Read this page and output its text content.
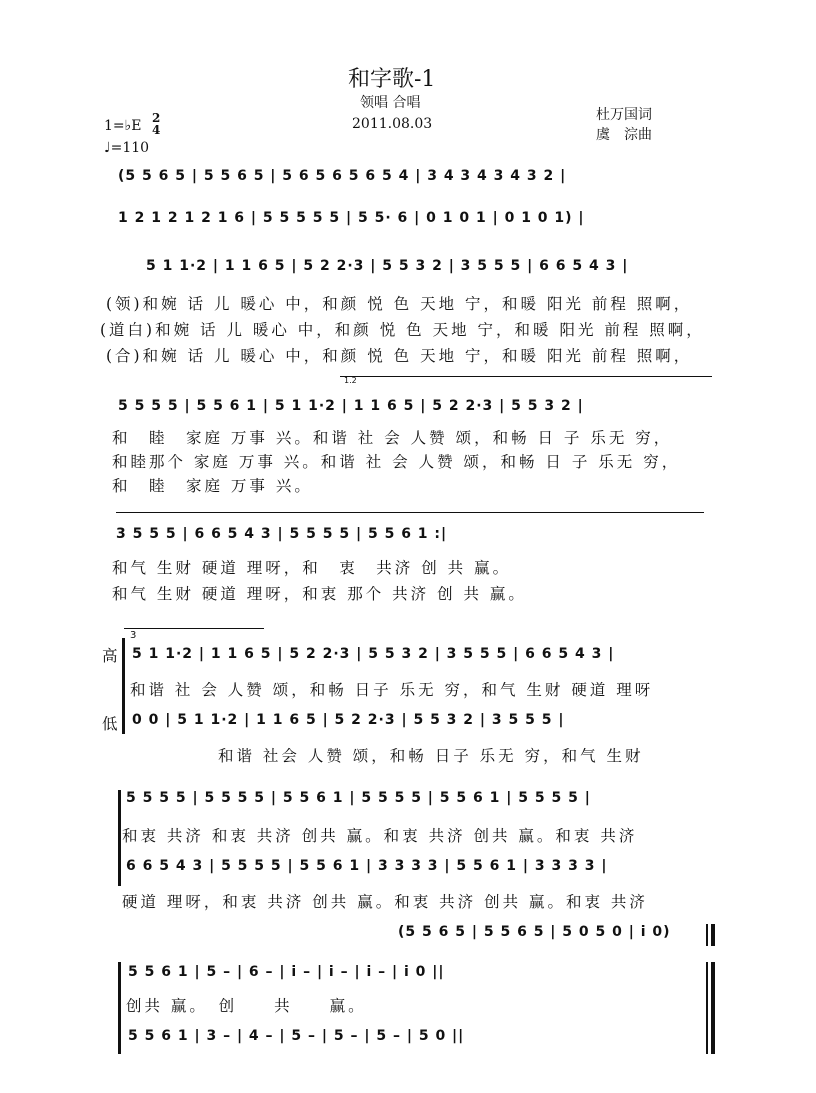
和字歌-1
领唱 合唱
2011.08.03
杜万国词
虞　淙曲
1=♭E 2
4
♩=110
(5 5 6 5 | 5 5 6 5 | 5 6 5 6 5 6 5 4 | 3 4 3 4 3 4 3 2 |
1 2 1 2 1 2 1 6 | 5 5 5 5 5 | 5 5· 6 | 0 1 0 1 | 0 1 0 1) |
5 1 1·2 | 1 1 6 5 | 5 2 2·3 | 5 5 3 2 | 3 5 5 5 | 6 6 5 4 3 |
(领)和婉 话 儿 暖心 中，和颜 悦 色 天地 宁，和暖 阳光 前程 照啊，
(道白)和婉 话 儿 暖心 中，和颜 悦 色 天地 宁，和暖 阳光 前程 照啊，
(合)和婉 话 儿 暖心 中，和颜 悦 色 天地 宁，和暖 阳光 前程 照啊，
1.2
5 5 5 5 | 5 5 6 1 | 5 1 1·2 | 1 1 6 5 | 5 2 2·3 | 5 5 3 2 |
和　睦　家庭 万事 兴。和谐 社 会 人赞 颂，和畅 日 子 乐无 穷，
和睦那个 家庭 万事 兴。和谐 社 会 人赞 颂，和畅 日 子 乐无 穷，
和　睦　家庭 万事 兴。
3 5 5 5 | 6 6 5 4 3 | 5 5 5 5 | 5 5 6 1 :|
和气 生财 硬道 理呀，和　衷　共济 创 共 赢。
和气 生财 硬道 理呀，和衷 那个 共济 创 共 赢。
3
高
低
5 1 1·2 | 1 1 6 5 | 5 2 2·3 | 5 5 3 2 | 3 5 5 5 | 6 6 5 4 3 |
和谐 社 会 人赞 颂，和畅 日子 乐无 穷，和气 生财 硬道 理呀
0 0 | 5 1 1·2 | 1 1 6 5 | 5 2 2·3 | 5 5 3 2 | 3 5 5 5 |
和谐 社会 人赞 颂，和畅 日子 乐无 穷，和气 生财
5 5 5 5 | 5 5 5 5 | 5 5 6 1 | 5 5 5 5 | 5 5 6 1 | 5 5 5 5 |
和衷 共济 和衷 共济 创共 赢。和衷 共济 创共 赢。和衷 共济
6 6 5 4 3 | 5 5 5 5 | 5 5 6 1 | 3 3 3 3 | 5 5 6 1 | 3 3 3 3 |
硬道 理呀，和衷 共济 创共 赢。和衷 共济 创共 赢。和衷 共济
(5 5 6 5 | 5 5 6 5 | 5 0 5 0 | i 0)
5 5 6 1 | 5 – | 6 – | i – | i – | i – | i 0 ||
创共 赢。　创　　共　　赢。
5 5 6 1 | 3 – | 4 – | 5 – | 5 – | 5 – | 5 0 ||
